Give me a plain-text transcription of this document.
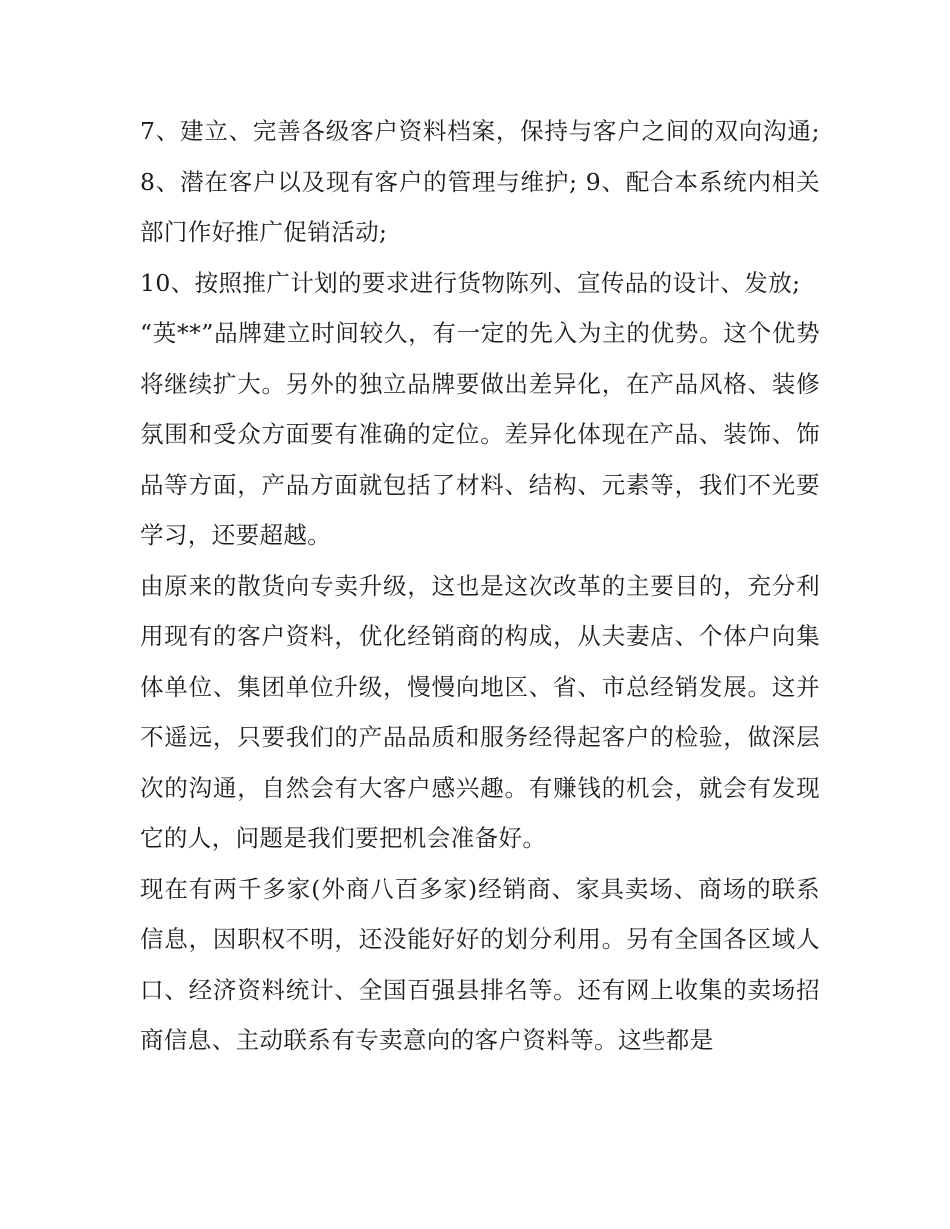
7、建立、完善各级客户资料档案，保持与客户之间的双向沟通; 8、潜在客户以及现有客户的管理与维护; 9、配合本系统内相关部门作好推广促销活动;

10、按照推广计划的要求进行货物陈列、宣传品的设计、发放;

“英**”品牌建立时间较久，有一定的先入为主的优势。这个优势将继续扩大。另外的独立品牌要做出差异化，在产品风格、装修氛围和受众方面要有准确的定位。差异化体现在产品、装饰、饰品等方面，产品方面就包括了材料、结构、元素等，我们不光要学习，还要超越。

由原来的散货向专卖升级，这也是这次改革的主要目的，充分利用现有的客户资料，优化经销商的构成，从夫妻店、个体户向集体单位、集团单位升级，慢慢向地区、省、市总经销发展。这并不遥远，只要我们的产品品质和服务经得起客户的检验，做深层次的沟通，自然会有大客户感兴趣。有赚钱的机会，就会有发现它的人，问题是我们要把机会准备好。

现在有两千多家(外商八百多家)经销商、家具卖场、商场的联系信息，因职权不明，还没能好好的划分利用。另有全国各区域人口、经济资料统计、全国百强县排名等。还有网上收集的卖场招商信息、主动联系有专卖意向的客户资料等。这些都是
